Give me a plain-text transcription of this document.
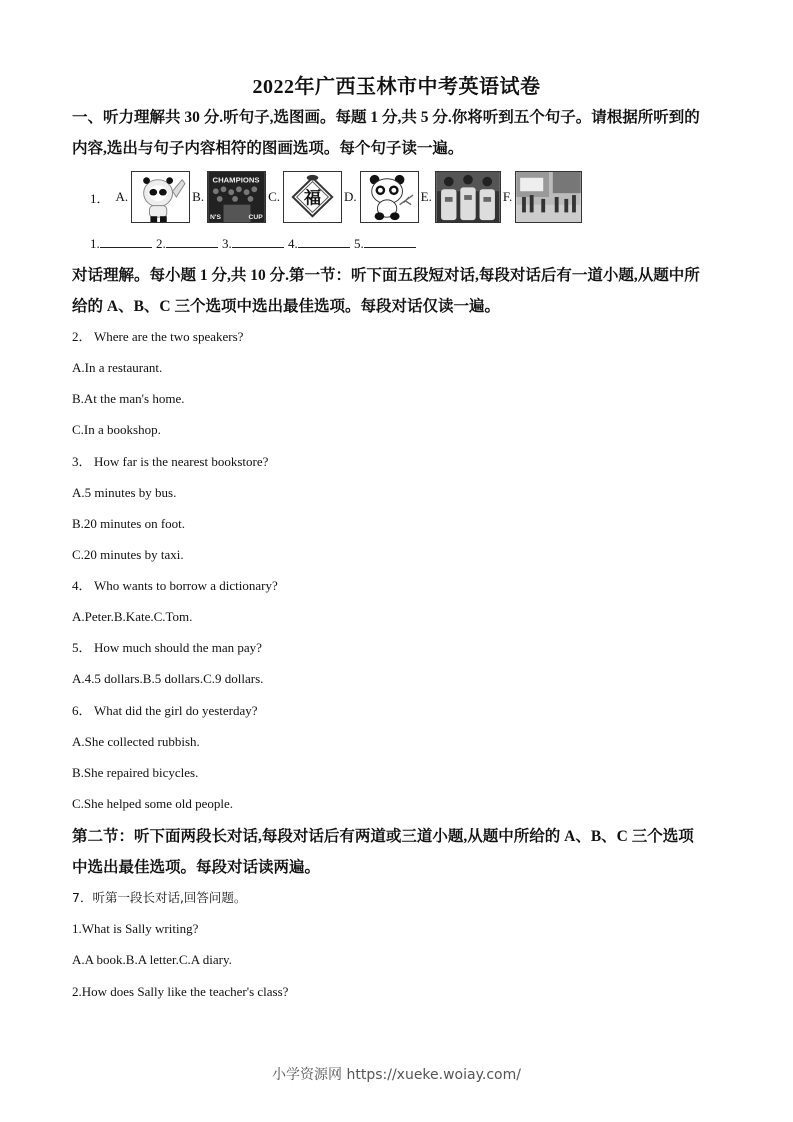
2022年广西玉林市中考英语试卷
一、听力理解共 30 分.听句子,选图画。每题 1 分,共 5 分.你将听到五个句子。请根据所听到的
内容,选出与句子内容相符的图画选项。每个句子读一遍。
1． A.	B.
CHAMPIONS
N'S	CUP
C. 福 D.	E.	F.
1.	2.	3.	4.	5.
对话理解。每小题 1 分,共 10 分.第一节：听下面五段短对话,每段对话后有一道小题,从题中所
给的 A、B、C 三个选项中选出最佳选项。每段对话仅读一遍。
2． Where are the two speakers?
A.In a restaurant.
B.At the man's home.
C.In a bookshop.
3． How far is the nearest bookstore?
A.5 minutes by bus.
B.20 minutes on foot.
C.20 minutes by taxi.
4． Who wants to borrow a dictionary?
A.Peter.B.Kate.C.Tom.
5． How much should the man pay?
A.4.5 dollars.B.5 dollars.C.9 dollars.
6． What did the girl do yesterday?
A.She collected rubbish.
B.She repaired bicycles.
C.She helped some old people.
第二节：听下面两段长对话,每段对话后有两道或三道小题,从题中所给的 A、B、C 三个选项
中选出最佳选项。每段对话读两遍。
7．听第一段长对话,回答问题。
1.What is Sally writing?
A.A book.B.A letter.C.A diary.
2.How does Sally like the teacher's class?
小学资源网 https://xueke.woiay.com/
